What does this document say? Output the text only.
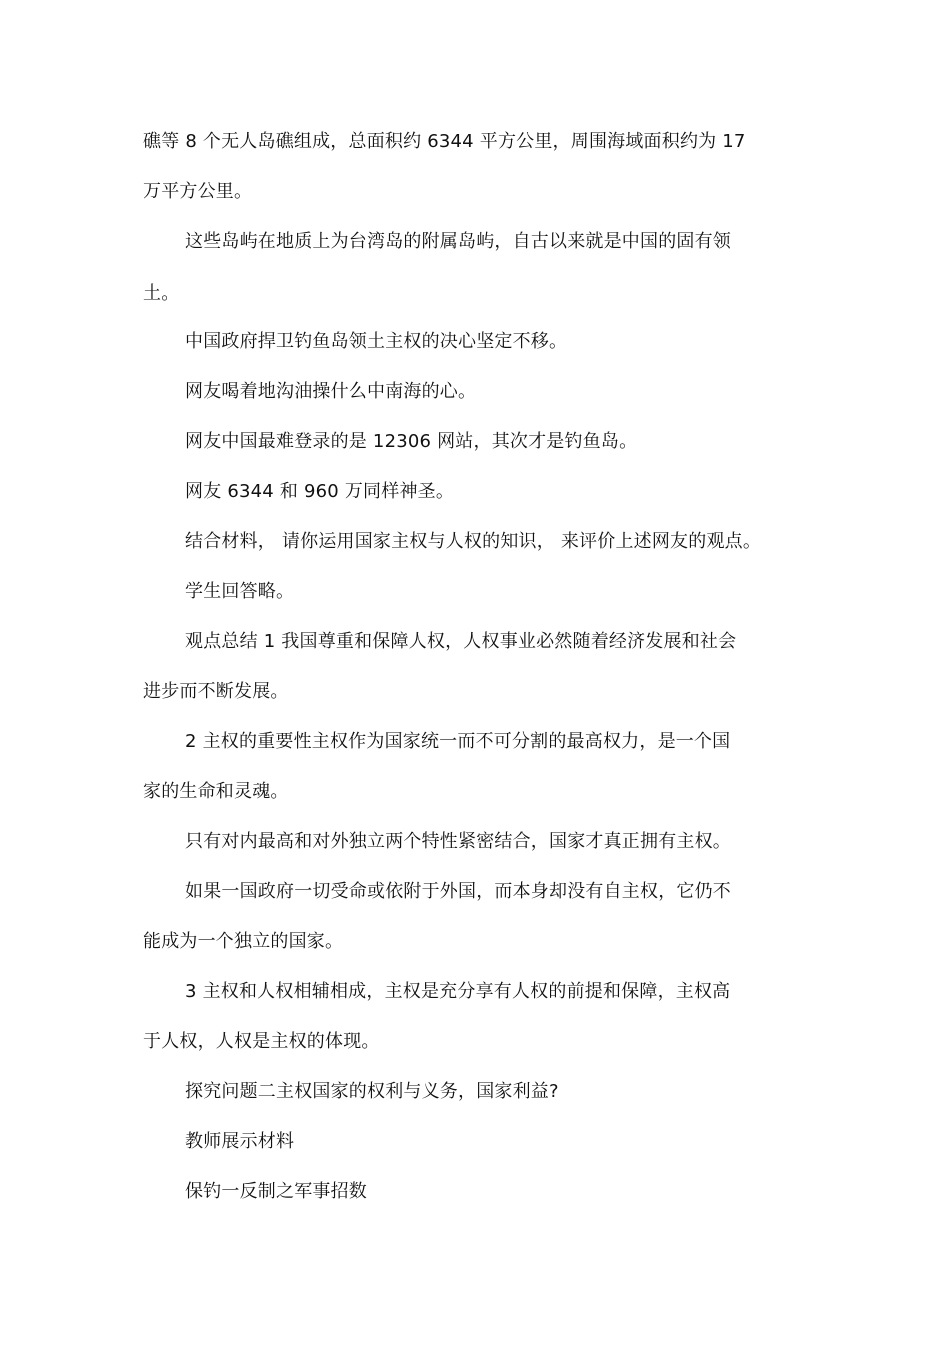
礁等 8 个无人岛礁组成，总面积约 6344 平方公里，周围海域面积约为 17
万平方公里。
这些岛屿在地质上为台湾岛的附属岛屿，自古以来就是中国的固有领
土。
中国政府捍卫钓鱼岛领土主权的决心坚定不移。
网友喝着地沟油操什么中南海的心。
网友中国最难登录的是 12306 网站，其次才是钓鱼岛。
网友 6344 和 960 万同样神圣。
结合材料， 请你运用国家主权与人权的知识， 来评价上述网友的观点。
学生回答略。
观点总结 1 我国尊重和保障人权，人权事业必然随着经济发展和社会
进步而不断发展。
2 主权的重要性主权作为国家统一而不可分割的最高权力，是一个国
家的生命和灵魂。
只有对内最高和对外独立两个特性紧密结合，国家才真正拥有主权。
如果一国政府一切受命或依附于外国，而本身却没有自主权，它仍不
能成为一个独立的国家。
3 主权和人权相辅相成，主权是充分享有人权的前提和保障，主权高
于人权，人权是主权的体现。
探究问题二主权国家的权利与义务，国家利益?
教师展示材料
保钓一反制之军事招数
